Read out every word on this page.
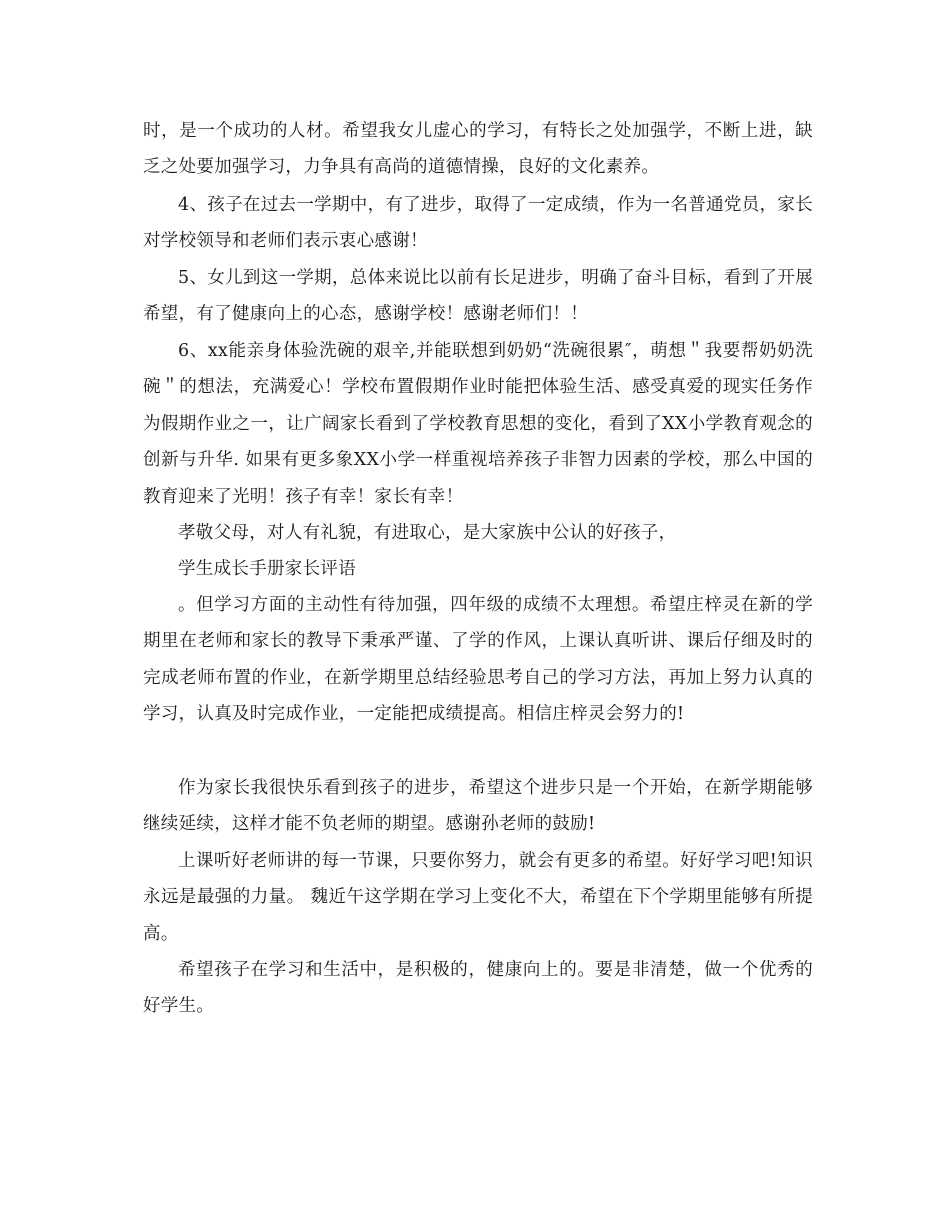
时，是一个成功的人材。希望我女儿虚心的学习，有特长之处加强学，不断上进，缺乏之处要加强学习，力争具有高尚的道德情操，良好的文化素养。

4、孩子在过去一学期中，有了进步，取得了一定成绩，作为一名普通党员，家长对学校领导和老师们表示衷心感谢！

5、女儿到这一学期，总体来说比以前有长足进步，明确了奋斗目标，看到了开展希望，有了健康向上的心态，感谢学校！感谢老师们！！

6、xx能亲身体验洗碗的艰辛,并能联想到奶奶“洗碗很累″，萌想＂我要帮奶奶洗碗＂的想法，充满爱心！学校布置假期作业时能把体验生活、感受真爱的现实任务作为假期作业之一，让广阔家长看到了学校教育思想的变化，看到了XX小学教育观念的创新与升华. 如果有更多象XX小学一样重视培养孩子非智力因素的学校，那么中国的教育迎来了光明！孩子有幸！家长有幸！

孝敬父母，对人有礼貌，有进取心，是大家族中公认的好孩子，

学生成长手册家长评语

。但学习方面的主动性有待加强，四年级的成绩不太理想。希望庄梓灵在新的学期里在老师和家长的教导下秉承严谨、了学的作风，上课认真听讲、课后仔细及时的完成老师布置的作业，在新学期里总结经验思考自己的学习方法，再加上努力认真的学习，认真及时完成作业，一定能把成绩提高。相信庄梓灵会努力的!

作为家长我很快乐看到孩子的进步，希望这个进步只是一个开始，在新学期能够继续延续，这样才能不负老师的期望。感谢孙老师的鼓励!

上课听好老师讲的每一节课，只要你努力，就会有更多的希望。好好学习吧!知识永远是最强的力量。 魏近午这学期在学习上变化不大，希望在下个学期里能够有所提高。

希望孩子在学习和生活中，是积极的，健康向上的。要是非清楚，做一个优秀的好学生。
